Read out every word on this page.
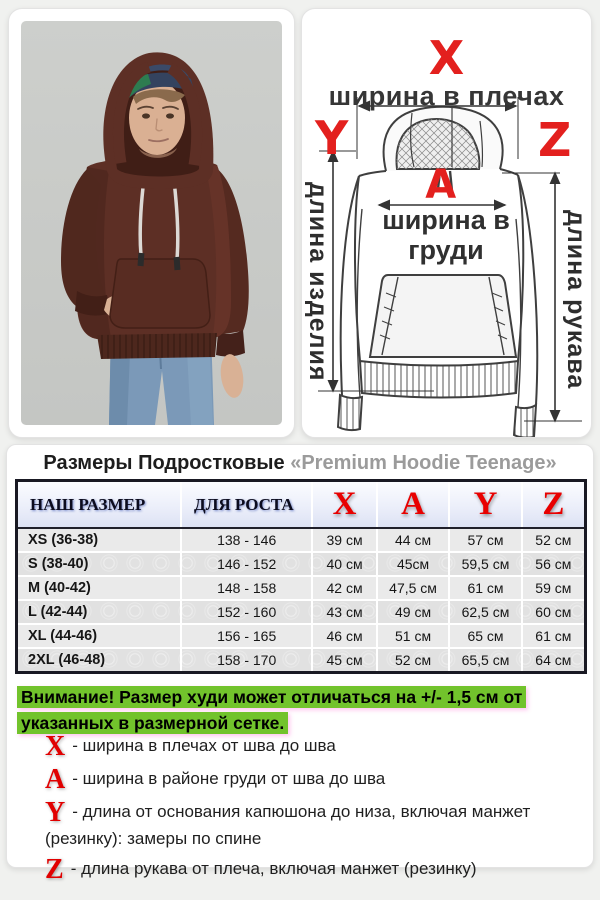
X
ширина в плечах
Y	Z
A
ширина в груди
длина изделия	длина рукава
Размеры Подростковые «Premium Hoodie Teenage»
НАШ РАЗМЕР	ДЛЯ РОСТА	X	A	Y	Z
XS (36-38)	138 - 146	39 см	44 см	57 см	52 см
S (38-40)	146 - 152	40 см	45см	59,5 см	56 см
M (40-42)	148 - 158	42 см	47,5 см	61 см	59 см
L (42-44)	152 - 160	43 см	49 см	62,5 см	60 см
XL (44-46)	156 - 165	46 см	51 см	65 см	61 см
2XL (46-48)	158 - 170	45 см	52 см	65,5 см	64 см
Внимание! Размер худи может отличаться на +/- 1,5 см от указанных в размерной сетке.
X - ширина в плечах от шва до шва
A - ширина в районе груди от шва до шва
Y - длина от основания капюшона до низа, включая манжет (резинку): замеры по спине
Z - длина рукава от плеча, включая манжет (резинку)
